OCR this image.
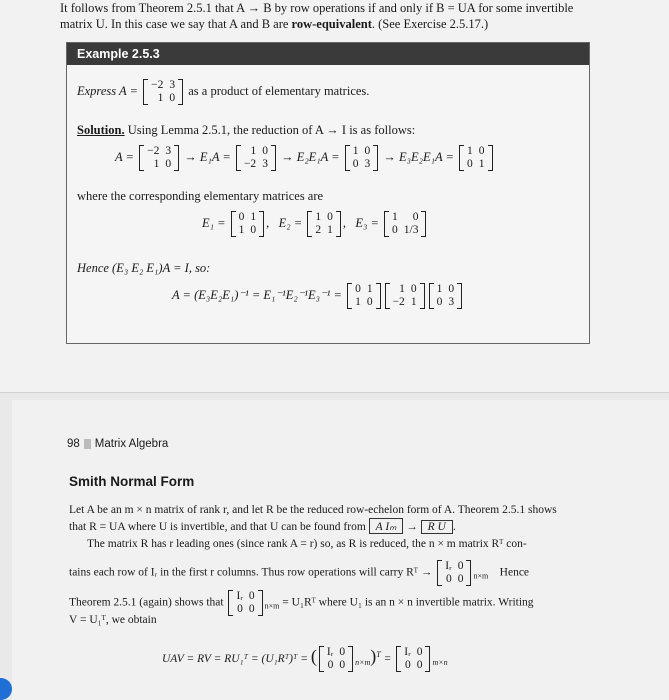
It follows from Theorem 2.5.1 that A → B by row operations if and only if B = UA for some invertible
matrix U. In this case we say that A and B are row-equivalent. (See Exercise 2.5.17.)
Example 2.5.3
Express A = −2	3
1	0
as a product of elementary matrices.
Solution. Using Lemma 2.5.1, the reduction of A → I is as follows:
A = −2	3
1	0
→ E₁A = 1	0
−2	3
→ E₂E₁A = 1	0
0	3
→ E₃E₂E₁A = 1	0
0	1
where the corresponding elementary matrices are
E₁ = 0	1
1	0
, E₂ = 1	0
2	1
, E₃ = 1	0
0	1/3
Hence (E₃ E₂ E₁)A = I, so:
A = (E₃E₂E₁)⁻¹ = E₁⁻¹E₂⁻¹E₃⁻¹ = 0	1
1	0
1	0
−2	1
1	0
0	3
98 Matrix Algebra
Smith Normal Form
Let A be an m × n matrix of rank r, and let R be the reduced row-echelon form of A. Theorem 2.5.1 shows
that R = UA where U is invertible, and that U can be found from A Iₘ → R U .
The matrix R has r leading ones (since rank A = r) so, as R is reduced, the n × m matrix Rᵀ con-
tains each row of Iᵣ in the first r columns. Thus row operations will carry Rᵀ →
Iᵣ	0
0	0 $_{n\times m}$ Hence
Theorem 2.5.1 (again) shows that
Iᵣ	0
0	0 $_{n\times m}$ = U₁Rᵀ where U₁ is an n × n invertible matrix. Writing
V = U₁ᵀ, we obtain
UAV = RV = RU₁ᵀ = (U₁Rᵀ)ᵀ = ( Iᵣ	0
0	0 $_{n\times m}$)$^T$ =
Iᵣ	0
0	0 $_{m\times n}$
